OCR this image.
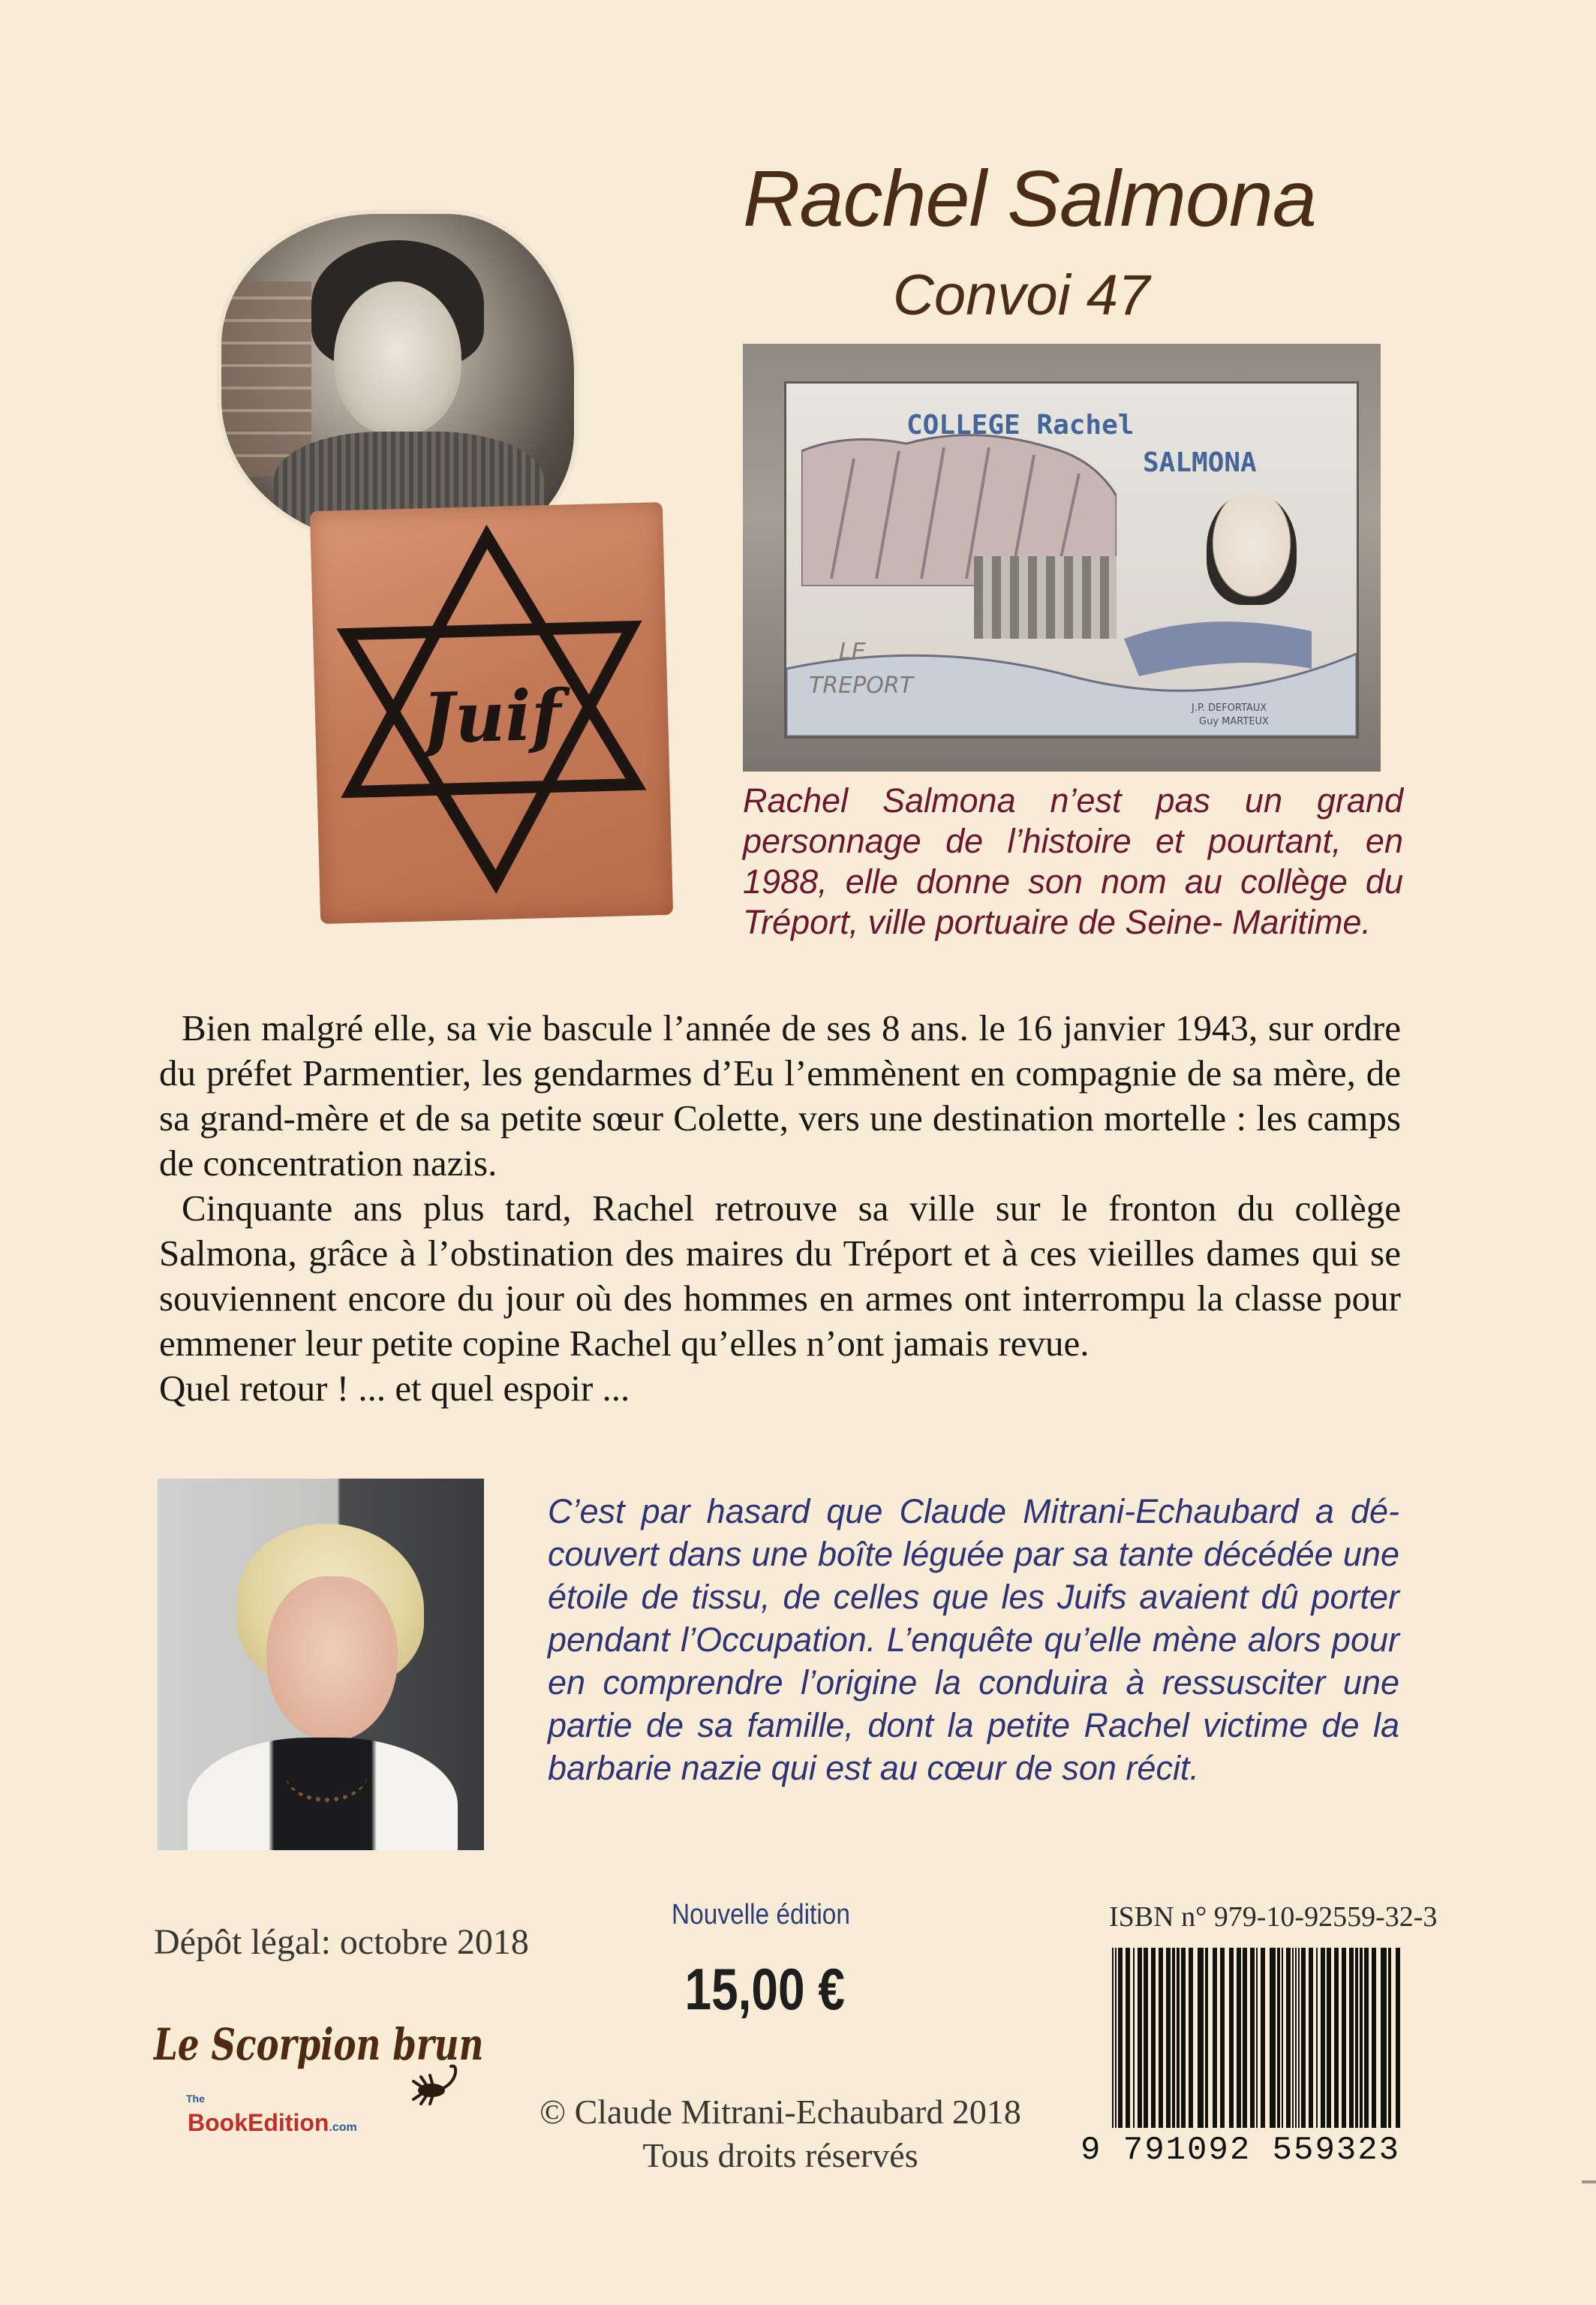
Rachel Salmona
Convoi 47
Juif
COLLEGE Rachel
SALMONA
LE
TREPORT
J.P. DEFORTAUX
Guy MARTEUX
Rachel Salmona n’est pas un grand personnage de l’histoire et pourtant, en 1988, elle donne son nom au collège du Tréport, ville portuaire de Seine- Maritime.

Bien malgré elle, sa vie bascule l’année de ses 8 ans. le 16 janvier 1943, sur ordre du préfet Parmentier, les gendarmes d’Eu l’emmènent en compagnie de sa mère, de sa grand-mère et de sa petite sœur Colette, vers une destination mortelle : les camps de concentration nazis.

Cinquante ans plus tard, Rachel retrouve sa ville sur le fronton du collège Salmona, grâce à l’obstination des maires du Tréport et à ces vieilles dames qui se souviennent encore du jour où des hommes en armes ont interrompu la classe pour emmener leur petite copine Rachel qu’elles n’ont jamais revue.

Quel retour ! ... et quel espoir ...

C’est par hasard que Claude Mitrani-Echaubard a découvert dans une boîte léguée par sa tante décédée une étoile de tissu, de celles que les Juifs avaient dû porter pendant l’Occupation. L’enquête qu’elle mène alors pour en comprendre l’origine la conduira à ressusciter une partie de sa famille, dont la petite Rachel victime de la barbarie nazie qui est au cœur de son récit.
Dépôt légal: octobre 2018
Nouvelle édition
15,00 €
ISBN n° 979-10-92559-32-3
9 791092 559323
Le Scorpion brun
The
BookEdition.com	© Claude Mitrani-Echaubard 2018
Tous droits réservés
